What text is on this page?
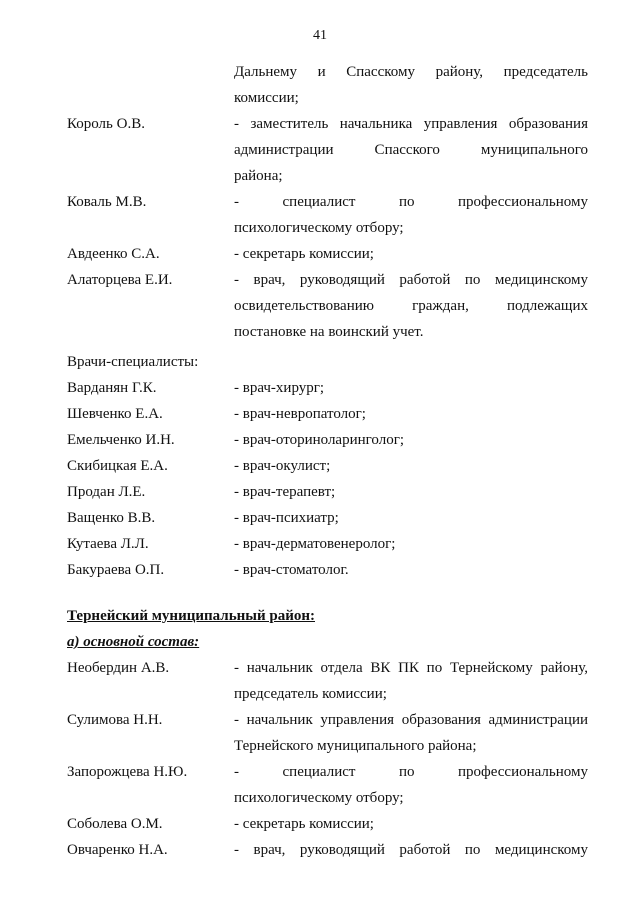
41
Дальнему и Спасскому району, председатель
комиссии;
Король О.В.	- заместитель начальника управления образования
администрации Спасского муниципального
района;
Коваль М.В.	- специалист по профессиональному
психологическому отбору;
Авдеенко С.А.	- секретарь комиссии;
Алаторцева Е.И.	- врач, руководящий работой по медицинскому
освидетельствованию граждан, подлежащих
постановке на воинский учет.
Врачи-специалисты:
Варданян Г.К.	- врач-хирург;
Шевченко Е.А.	- врач-невропатолог;
Емельченко И.Н.	- врач-оториноларинголог;
Скибицкая Е.А.	- врач-окулист;
Продан Л.Е.	- врач-терапевт;
Ващенко В.В.	- врач-психиатр;
Кутаева Л.Л.	- врач-дерматовенеролог;
Бакураева О.П.	- врач-стоматолог.
Тернейский муниципальный район:
а) основной состав:
Необердин А.В.	- начальник отдела ВК ПК по Тернейскому району,
председатель комиссии;
Сулимова Н.Н.	- начальник управления образования администрации
Тернейского муниципального района;
Запорожцева Н.Ю.	- специалист по профессиональному
психологическому отбору;
Соболева О.М.	- секретарь комиссии;
Овчаренко Н.А.	- врач, руководящий работой по медицинскому
